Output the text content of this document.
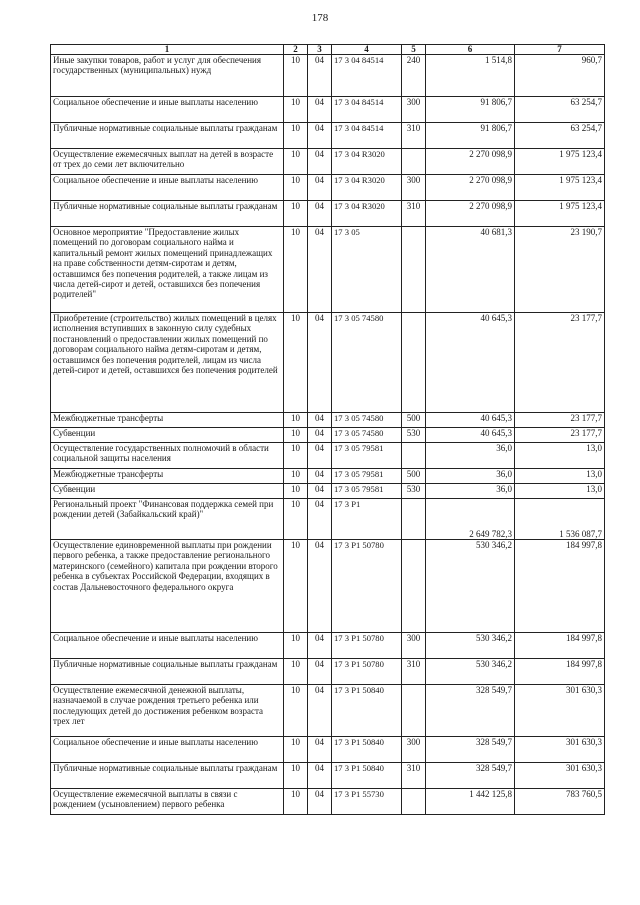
178
1	2	3	4	5	6	7
Иные закупки товаров, работ и услуг для обеспечения государственных (муниципальных) нужд	10	04	17 3 04 84514	240	1 514,8	960,7
Социальное обеспечение и иные выплаты населению	10	04	17 3 04 84514	300	91 806,7	63 254,7
Публичные нормативные социальные выплаты гражданам	10	04	17 3 04 84514	310	91 806,7	63 254,7
Осуществление ежемесячных выплат на детей в возрасте от трех до семи лет включительно	10	04	17 3 04 R3020		2 270 098,9	1 975 123,4
Социальное обеспечение и иные выплаты населению	10	04	17 3 04 R3020	300	2 270 098,9	1 975 123,4
Публичные нормативные социальные выплаты гражданам	10	04	17 3 04 R3020	310	2 270 098,9	1 975 123,4
Основное мероприятие "Предоставление жилых помещений по договорам социального найма и капитальный ремонт жилых помещений принадлежащих на праве собственности детям-сиротам и детям, оставшимся без попечения родителей, а также лицам из числа детей-сирот и детей, оставшихся без попечения родителей"	10	04	17 3 05		40 681,3	23 190,7
Приобретение (строительство) жилых помещений в целях исполнения вступивших в законную силу судебных постановлений о предоставлении жилых помещений по договорам социального найма детям-сиротам и детям, оставшимся без попечения родителей, лицам из числа детей-сирот и детей, оставшихся без попечения родителей	10	04	17 3 05 74580		40 645,3	23 177,7
Межбюджетные трансферты	10	04	17 3 05 74580	500	40 645,3	23 177,7
Субвенции	10	04	17 3 05 74580	530	40 645,3	23 177,7
Осуществление государственных полномочий в области социальной защиты населения	10	04	17 3 05 79581		36,0	13,0
Межбюджетные трансферты	10	04	17 3 05 79581	500	36,0	13,0
Субвенции	10	04	17 3 05 79581	530	36,0	13,0
Региональный проект "Финансовая поддержка семей при рождении детей (Забайкальский край)"	10	04	17 3 Р1		2 649 782,3	1 536 087,7
Осуществление единовременной выплаты при рождении первого ребенка, а также предоставление регионального материнского (семейного) капитала при рождении второго ребенка в субъектах Российской Федерации, входящих в состав Дальневосточного федерального округа	10	04	17 3 Р1 50780		530 346,2	184 997,8
Социальное обеспечение и иные выплаты населению	10	04	17 3 Р1 50780	300	530 346,2	184 997,8
Публичные нормативные социальные выплаты гражданам	10	04	17 3 Р1 50780	310	530 346,2	184 997,8
Осуществление ежемесячной денежной выплаты, назначаемой в случае рождения третьего ребенка или последующих детей до достижения ребенком возраста трех лет	10	04	17 3 Р1 50840		328 549,7	301 630,3
Социальное обеспечение и иные выплаты населению	10	04	17 3 Р1 50840	300	328 549,7	301 630,3
Публичные нормативные социальные выплаты гражданам	10	04	17 3 Р1 50840	310	328 549,7	301 630,3
Осуществление ежемесячной выплаты в связи с рождением (усыновлением) первого ребенка	10	04	17 3 Р1 55730		1 442 125,8	783 760,5
